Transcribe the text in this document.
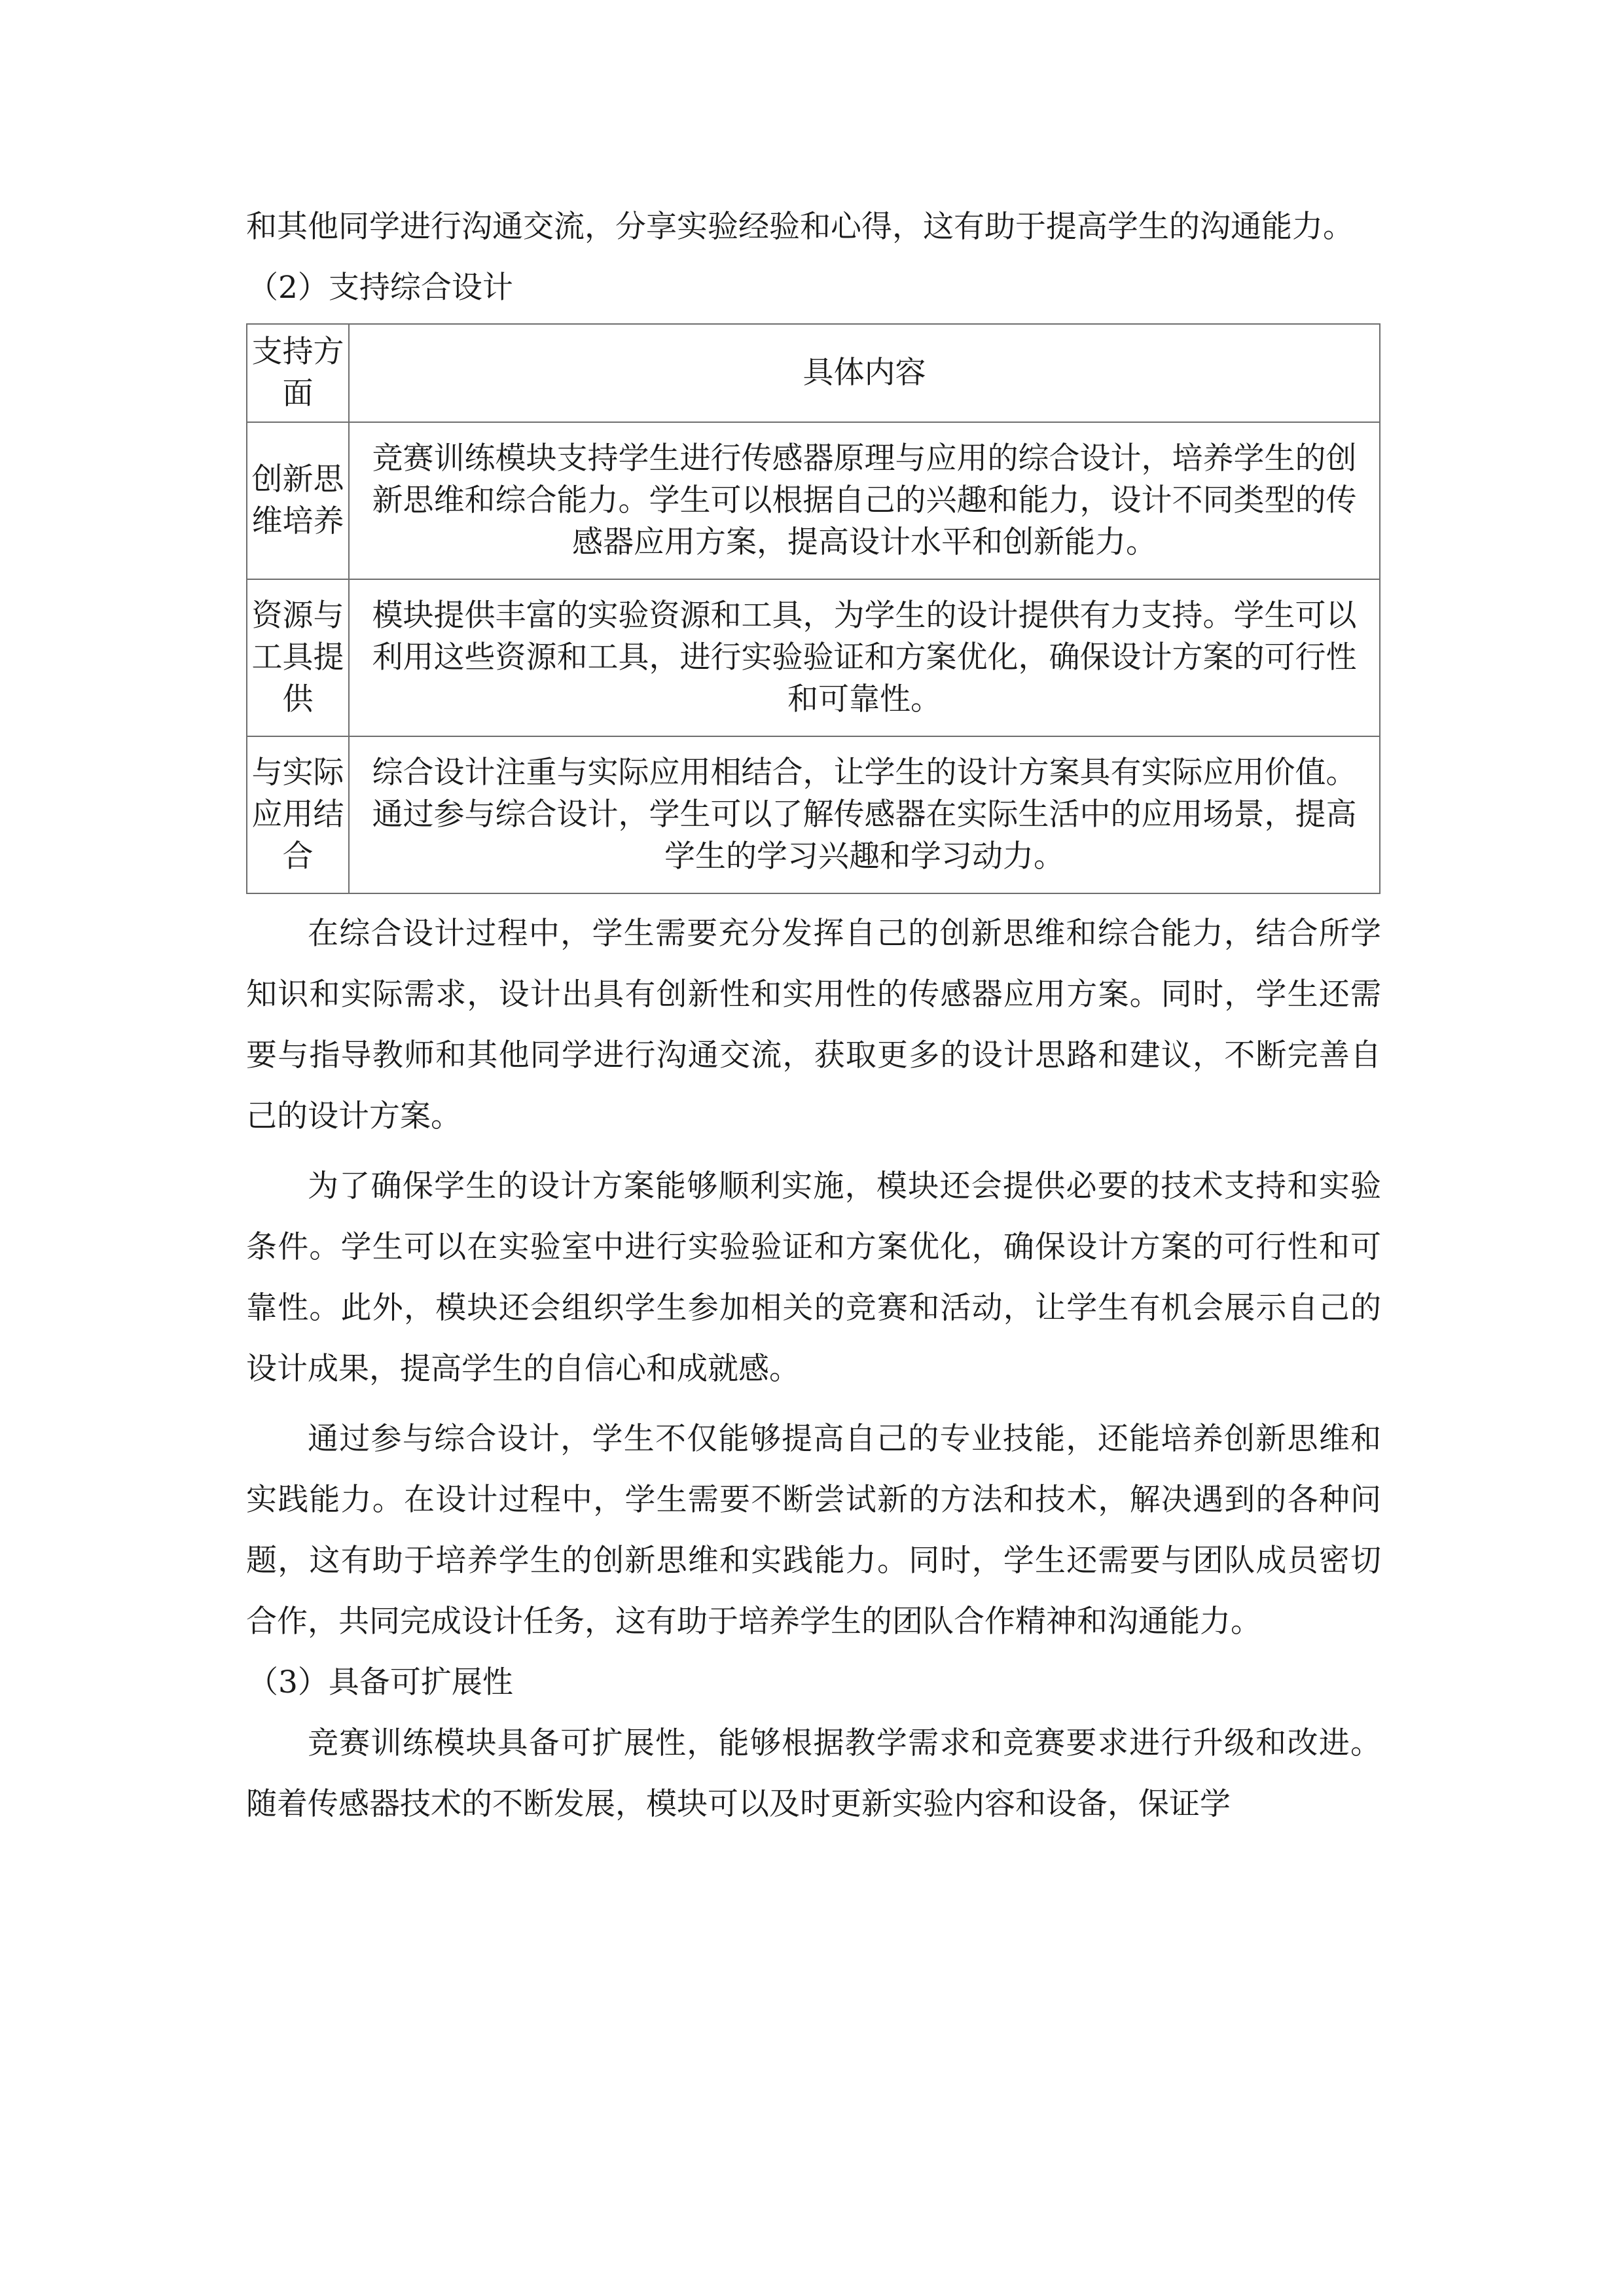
和其他同学进行沟通交流，分享实验经验和心得，这有助于提高学生的沟通能力。

（2）支持综合设计

支持方面	具体内容
创新思维培养	竞赛训练模块支持学生进行传感器原理与应用的综合设计，培养学生的创新思维和综合能力。学生可以根据自己的兴趣和能力，设计不同类型的传感器应用方案，提高设计水平和创新能力。
资源与工具提供	模块提供丰富的实验资源和工具，为学生的设计提供有力支持。学生可以利用这些资源和工具，进行实验验证和方案优化，确保设计方案的可行性和可靠性。
与实际应用结合	综合设计注重与实际应用相结合，让学生的设计方案具有实际应用价值。通过参与综合设计，学生可以了解传感器在实际生活中的应用场景，提高学生的学习兴趣和学习动力。

在综合设计过程中，学生需要充分发挥自己的创新思维和综合能力，结合所学知识和实际需求，设计出具有创新性和实用性的传感器应用方案。同时，学生还需要与指导教师和其他同学进行沟通交流，获取更多的设计思路和建议，不断完善自己的设计方案。

为了确保学生的设计方案能够顺利实施，模块还会提供必要的技术支持和实验条件。学生可以在实验室中进行实验验证和方案优化，确保设计方案的可行性和可靠性。此外，模块还会组织学生参加相关的竞赛和活动，让学生有机会展示自己的设计成果，提高学生的自信心和成就感。

通过参与综合设计，学生不仅能够提高自己的专业技能，还能培养创新思维和实践能力。在设计过程中，学生需要不断尝试新的方法和技术，解决遇到的各种问题，这有助于培养学生的创新思维和实践能力。同时，学生还需要与团队成员密切合作，共同完成设计任务，这有助于培养学生的团队合作精神和沟通能力。

（3）具备可扩展性

竞赛训练模块具备可扩展性，能够根据教学需求和竞赛要求进行升级和改进。随着传感器技术的不断发展，模块可以及时更新实验内容和设备，保证学
